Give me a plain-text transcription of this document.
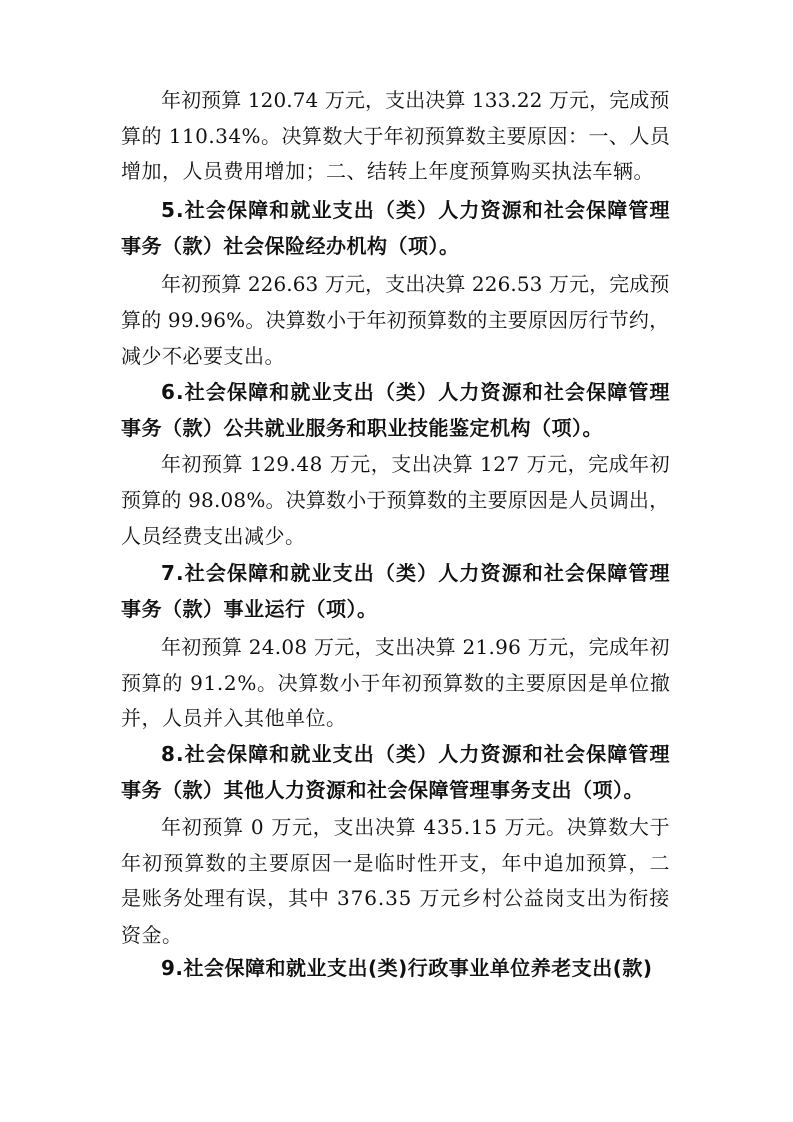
年初预算 120.74 万元，支出决算 133.22 万元，完成预
算的 110.34%。决算数大于年初预算数主要原因：一、人员
增加，人员费用增加；二、结转上年度预算购买执法车辆。
5.社会保障和就业支出（类）人力资源和社会保障管理
事务（款）社会保险经办机构（项）。
年初预算 226.63 万元，支出决算 226.53 万元，完成预
算的 99.96%。决算数小于年初预算数的主要原因厉行节约，
减少不必要支出。
6.社会保障和就业支出（类）人力资源和社会保障管理
事务（款）公共就业服务和职业技能鉴定机构（项）。
年初预算 129.48 万元，支出决算 127 万元，完成年初
预算的 98.08%。决算数小于预算数的主要原因是人员调出，
人员经费支出减少。
7.社会保障和就业支出（类）人力资源和社会保障管理
事务（款）事业运行（项）。
年初预算 24.08 万元，支出决算 21.96 万元，完成年初
预算的 91.2%。决算数小于年初预算数的主要原因是单位撤
并，人员并入其他单位。
8.社会保障和就业支出（类）人力资源和社会保障管理
事务（款）其他人力资源和社会保障管理事务支出（项）。
年初预算 0 万元，支出决算 435.15 万元。决算数大于
年初预算数的主要原因一是临时性开支，年中追加预算，二
是账务处理有误，其中 376.35 万元乡村公益岗支出为衔接
资金。
9.社会保障和就业支出(类)行政事业单位养老支出(款)
